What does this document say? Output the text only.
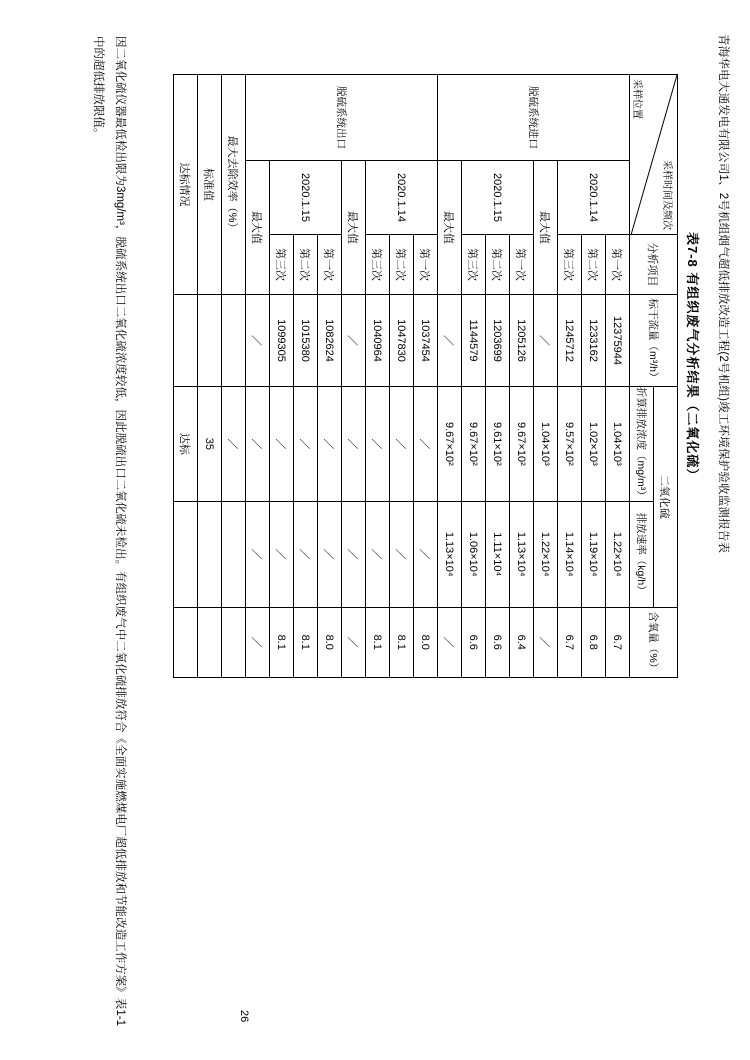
青海华电大通发电有限公司1、2号机组烟气超低排放改造工程(2号机组)竣工环境保护验收监测报告表
表7-8 有组织废气分析结果（二氧化硫）
采样时间及频次
采样位置		分析项目	标干流量（m³/h）	二氧化硫		含氧量（%）
				折算排放浓度（mg/m³）	排放速率（kg/h）	
脱硫系统进口	2020.1.14	第一次	12375944	1.04×10³	1.22×10⁴	6.7
		第二次	1233162	1.02×10³	1.19×10⁴	6.8
		第三次	1245712	9.57×10²	1.14×10⁴	6.7
	最大值		／	1.04×10³	1.22×10⁴	／
	2020.1.15	第一次	1205126	9.67×10²	1.13×10⁴	6.4
		第二次	1203699	9.61×10²	1.11×10⁴	6.6
		第三次	1144579	9.67×10²	1.06×10⁴	6.6
	最大值		／	9.67×10²	1.13×10⁴	／
脱硫系统出口	2020.1.14	第一次	1037454	／	／	8.0
		第二次	1047830	／	／	8.1
		第三次	1040964	／	／	8.1
	最大值		／	／	／	／
	2020.1.15	第一次	1082624	／	／	8.0
		第二次	1015380	／	／	8.1
		第三次	1099305	／	／	8.1
	最大值		／	／	／	／
最大去除效率（%）				／		
标准值				35		
达标情况				达标		
因二氧化硫仪器最低检出限为3mg/m³，脱硫系统出口二氧化硫浓度较低，因此脱硫出口二氧化硫未检出。有组织废气中二氧化硫排放符合《全面实施燃煤电厂超低排放和节能改造工作方案》表1-1中的超低排放限值。
26
